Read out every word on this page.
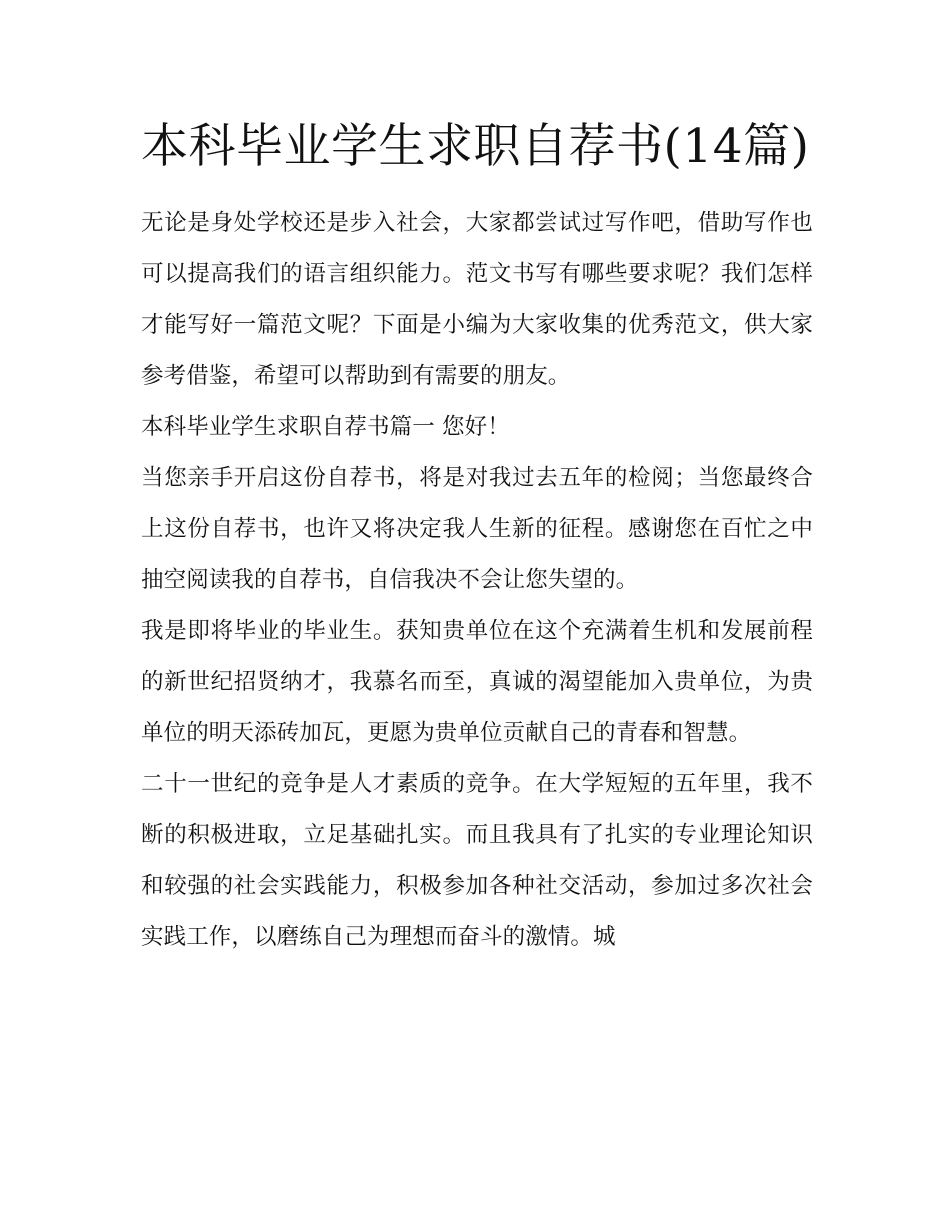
本科毕业学生求职自荐书(14篇)

无论是身处学校还是步入社会，大家都尝试过写作吧，借助写作也可以提高我们的语言组织能力。范文书写有哪些要求呢？我们怎样才能写好一篇范文呢？下面是小编为大家收集的优秀范文，供大家参考借鉴，希望可以帮助到有需要的朋友。

本科毕业学生求职自荐书篇一 您好！

当您亲手开启这份自荐书，将是对我过去五年的检阅；当您最终合上这份自荐书，也许又将决定我人生新的征程。感谢您在百忙之中抽空阅读我的自荐书，自信我决不会让您失望的。

我是即将毕业的毕业生。获知贵单位在这个充满着生机和发展前程的新世纪招贤纳才，我慕名而至，真诚的渴望能加入贵单位，为贵单位的明天添砖加瓦，更愿为贵单位贡献自己的青春和智慧。

二十一世纪的竞争是人才素质的竞争。在大学短短的五年里，我不断的积极进取，立足基础扎实。而且我具有了扎实的专业理论知识和较强的社会实践能力，积极参加各种社交活动，参加过多次社会实践工作，以磨练自己为理想而奋斗的激情。城
